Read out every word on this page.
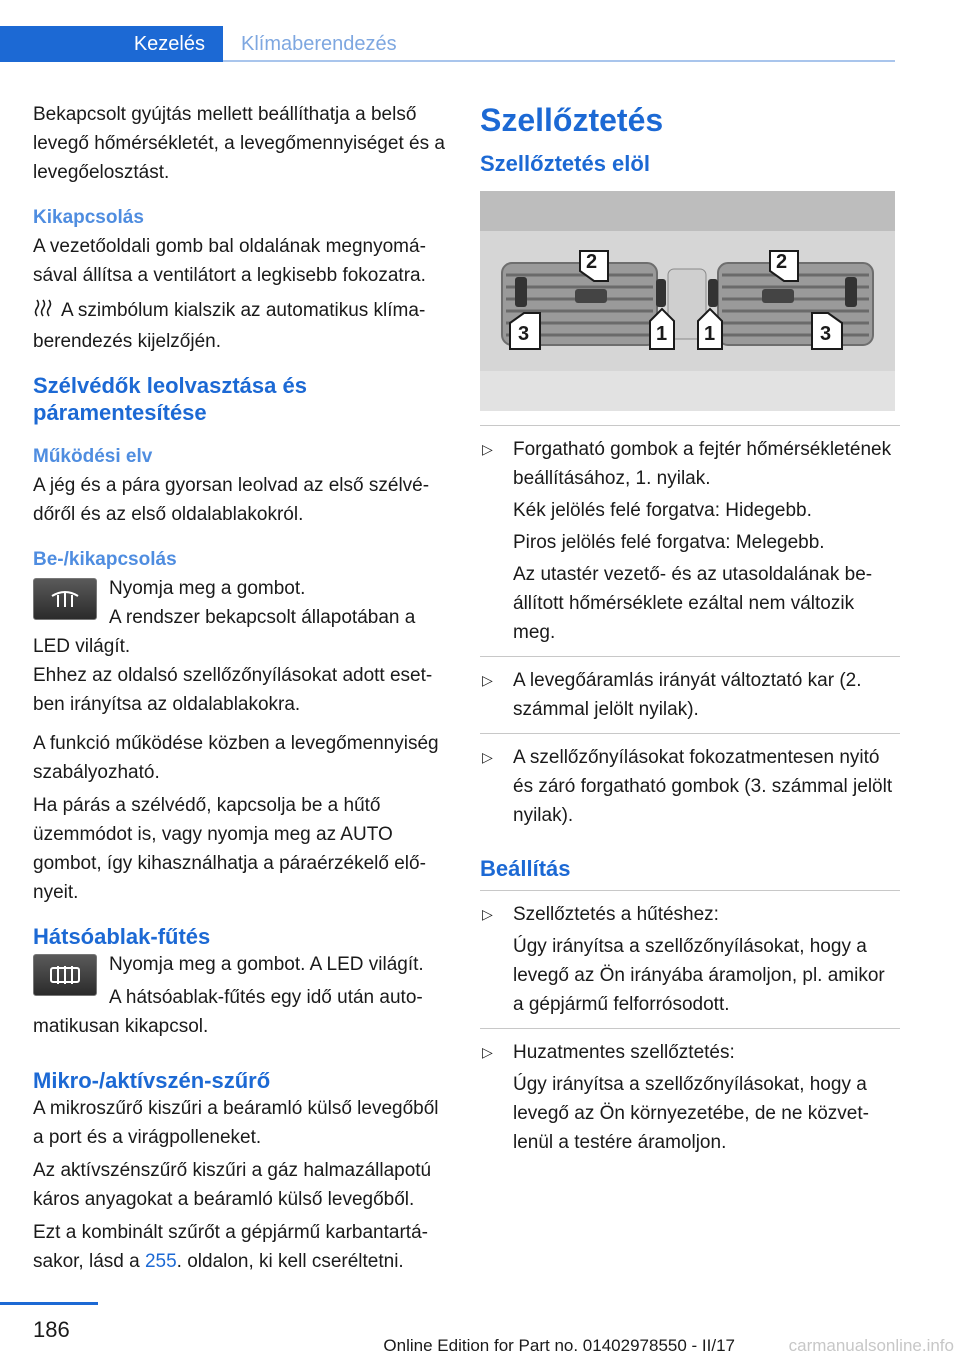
Kezelés	Klímaberendezés

Bekapcsolt gyújtás mellett beállíthatja a belső levegő hőmérsékletét, a levegőmennyiséget és a levegőelosztást.

Kikapcsolás

A vezetőoldali gomb bal oldalának megnyomásával állítsa a ventilátort a legkisebb fokozatra.

A szimbólum kialszik az automatikus klímaberendezés kijelzőjén.

Szélvédők leolvasztása és páramentesítése
Működési elv

A jég és a pára gyorsan leolvad az első szélvédőről és az első oldalablakokról.

Be-/kikapcsolás

Nyomja meg a gombot.

A rendszer bekapcsolt állapotában a LED világít.

Ehhez az oldalsó szellőzőnyílásokat adott esetben irányítsa az oldalablakokra.

A funkció működése közben a levegőmennyiség szabályozható.

Ha párás a szélvédő, kapcsolja be a hűtő üzemmódot is, vagy nyomja meg az AUTO gombot, így kihasználhatja a páraérzékelő előnyeit.

Hátsóablak-fűtés

Nyomja meg a gombot. A LED világít.

A hátsóablak-fűtés egy idő után automatikusan kikapcsol.

Mikro-/aktívszén-szűrő

A mikroszűrő kiszűri a beáramló külső levegőből a port és a virágpolleneket.

Az aktívszénszűrő kiszűri a gáz halmazállapotú káros anyagokat a beáramló külső levegőből.

Ezt a kombinált szűrőt a gépjármű karbantartásakor, lásd a 255. oldalon, ki kell cseréltetni.

Szellőztetés
Szellőztetés elöl
2	2
3	1 1	3
▷ Forgatható gombok a fejtér hőmérsékletének beállításához, 1. nyilak.

Kék jelölés felé forgatva: Hidegebb.

Piros jelölés felé forgatva: Melegebb.

Az utastér vezető- és az utasoldalának beállított hőmérséklete ezáltal nem változik meg.

▷ A levegőáramlás irányát változtató kar (2. számmal jelölt nyilak).

▷ A szellőzőnyílásokat fokozatmentesen nyitó és záró forgatható gombok (3. számmal jelölt nyilak).

Beállítás
▷ Szellőztetés a hűtéshez:

Úgy irányítsa a szellőzőnyílásokat, hogy a levegő az Ön irányába áramoljon, pl. amikor a gépjármű felforrósodott.

▷ Huzatmentes szellőztetés:

Úgy irányítsa a szellőzőnyílásokat, hogy a levegő az Ön környezetébe, de ne közvetlenül a testére áramoljon.

186
Online Edition for Part no. 01402978550 - II/17	carmanualsonline.info
